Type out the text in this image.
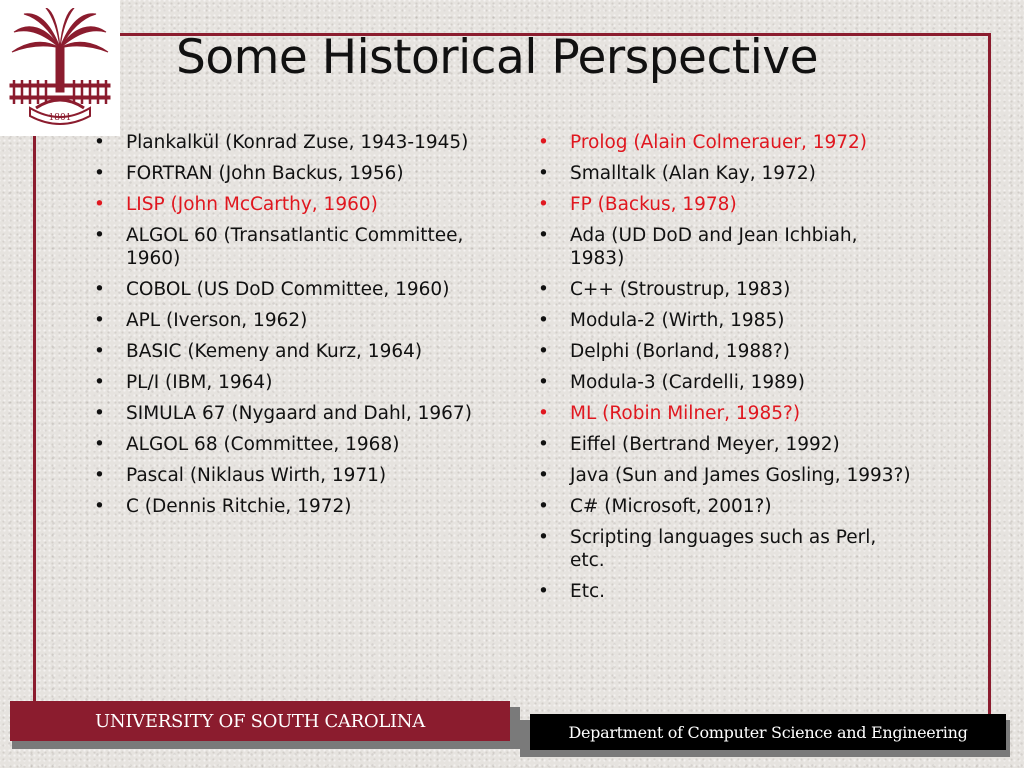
1801
Some Historical Perspective
• Plankalkül (Konrad Zuse, 1943-1945)
• FORTRAN (John Backus, 1956)
• LISP (John McCarthy, 1960)
• ALGOL 60 (Transatlantic Committee, 1960)
• COBOL (US DoD Committee, 1960)
• APL (Iverson, 1962)
• BASIC (Kemeny and Kurz, 1964)
• PL/I (IBM, 1964)
• SIMULA 67 (Nygaard and Dahl, 1967)
• ALGOL 68 (Committee, 1968)
• Pascal (Niklaus Wirth, 1971)
• C (Dennis Ritchie, 1972)
• Prolog (Alain Colmerauer, 1972)
• Smalltalk (Alan Kay, 1972)
• FP (Backus, 1978)
• Ada (UD DoD and Jean Ichbiah, 1983)
• C++ (Stroustrup, 1983)
• Modula-2 (Wirth, 1985)
• Delphi (Borland, 1988?)
• Modula-3 (Cardelli, 1989)
• ML (Robin Milner, 1985?)
• Eiffel (Bertrand Meyer, 1992)
• Java (Sun and James Gosling, 1993?)
• C# (Microsoft, 2001?)
• Scripting languages such as Perl, etc.
• Etc.
UNIVERSITY OF SOUTH CAROLINA
Department of Computer Science and Engineering
